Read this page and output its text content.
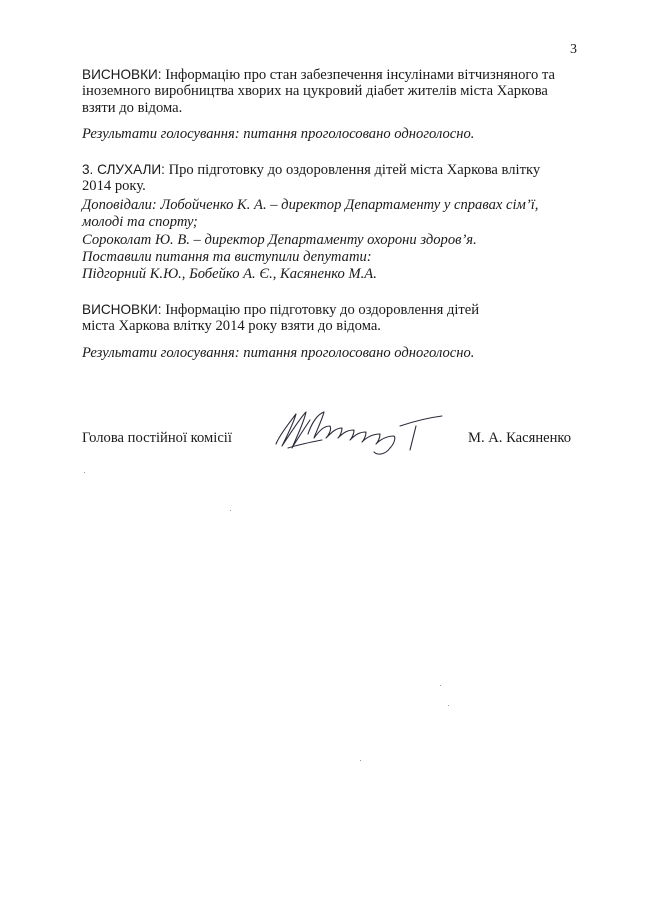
3
ВИСНОВКИ: Інформацію про стан забезпечення інсулінами вітчизняного та
іноземного виробництва хворих на цукровий діабет жителів міста Харкова
взяти до відома.
Результати голосування: питання проголосовано одноголосно.
3. СЛУХАЛИ: Про підготовку до оздоровлення дітей міста Харкова влітку
2014 року.
Доповідали: Лобойченко К. А. – директор Департаменту у справах сім’ї,
молоді та спорту;
Сороколат Ю. В. – директор Департаменту охорони здоров’я.
Поставили питання та виступили депутати:
Підгорний К.Ю., Бобейко А. Є., Касяненко М.А.
ВИСНОВКИ: Інформацію про підготовку до оздоровлення дітей
міста Харкова влітку 2014 року взяти до відома.
Результати голосування: питання проголосовано одноголосно.
Голова постійної комісії	М. А. Касяненко
